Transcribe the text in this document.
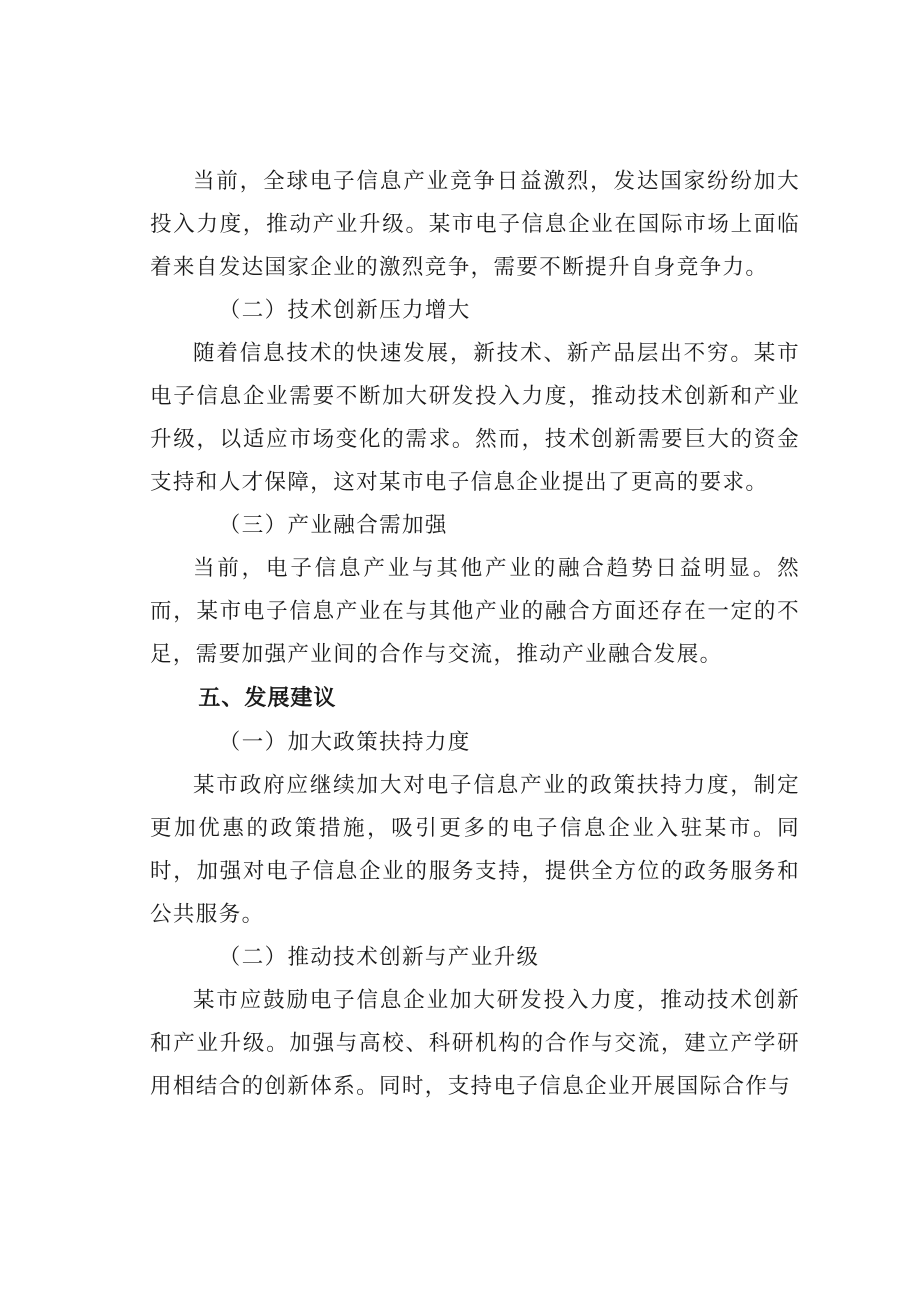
当前，全球电子信息产业竞争日益激烈，发达国家纷纷加大投入力度，推动产业升级。某市电子信息企业在国际市场上面临着来自发达国家企业的激烈竞争，需要不断提升自身竞争力。

（二）技术创新压力增大

随着信息技术的快速发展，新技术、新产品层出不穷。某市电子信息企业需要不断加大研发投入力度，推动技术创新和产业升级，以适应市场变化的需求。然而，技术创新需要巨大的资金支持和人才保障，这对某市电子信息企业提出了更高的要求。

（三）产业融合需加强

当前，电子信息产业与其他产业的融合趋势日益明显。然而，某市电子信息产业在与其他产业的融合方面还存在一定的不足，需要加强产业间的合作与交流，推动产业融合发展。

五、发展建议

（一）加大政策扶持力度

某市政府应继续加大对电子信息产业的政策扶持力度，制定更加优惠的政策措施，吸引更多的电子信息企业入驻某市。同时，加强对电子信息企业的服务支持，提供全方位的政务服务和公共服务。

（二）推动技术创新与产业升级

某市应鼓励电子信息企业加大研发投入力度，推动技术创新和产业升级。加强与高校、科研机构的合作与交流，建立产学研用相结合的创新体系。同时，支持电子信息企业开展国际合作与
